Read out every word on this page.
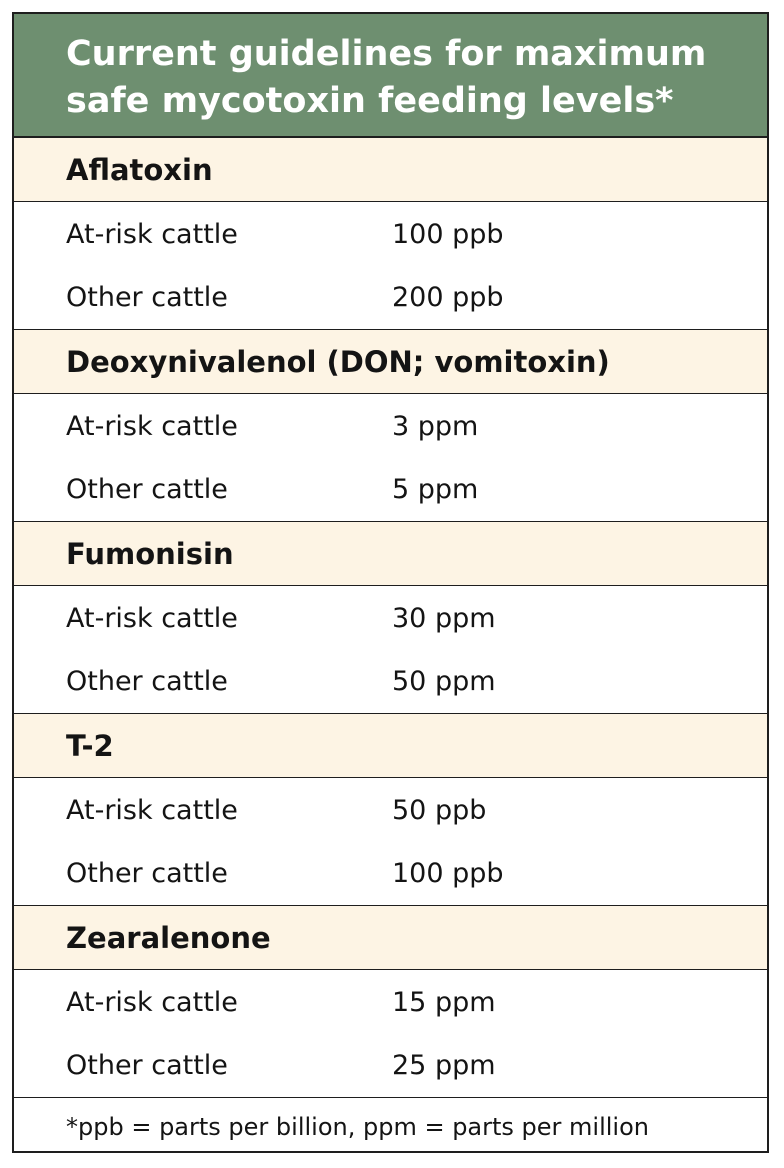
Current guidelines for maximum
safe mycotoxin feeding levels*
Aflatoxin
At-risk cattle	100 ppb
Other cattle	200 ppb
Deoxynivalenol (DON; vomitoxin)
At-risk cattle	3 ppm
Other cattle	5 ppm
Fumonisin
At-risk cattle	30 ppm
Other cattle	50 ppm
T-2
At-risk cattle	50 ppb
Other cattle	100 ppb
Zearalenone
At-risk cattle	15 ppm
Other cattle	25 ppm
*ppb = parts per billion, ppm = parts per million
